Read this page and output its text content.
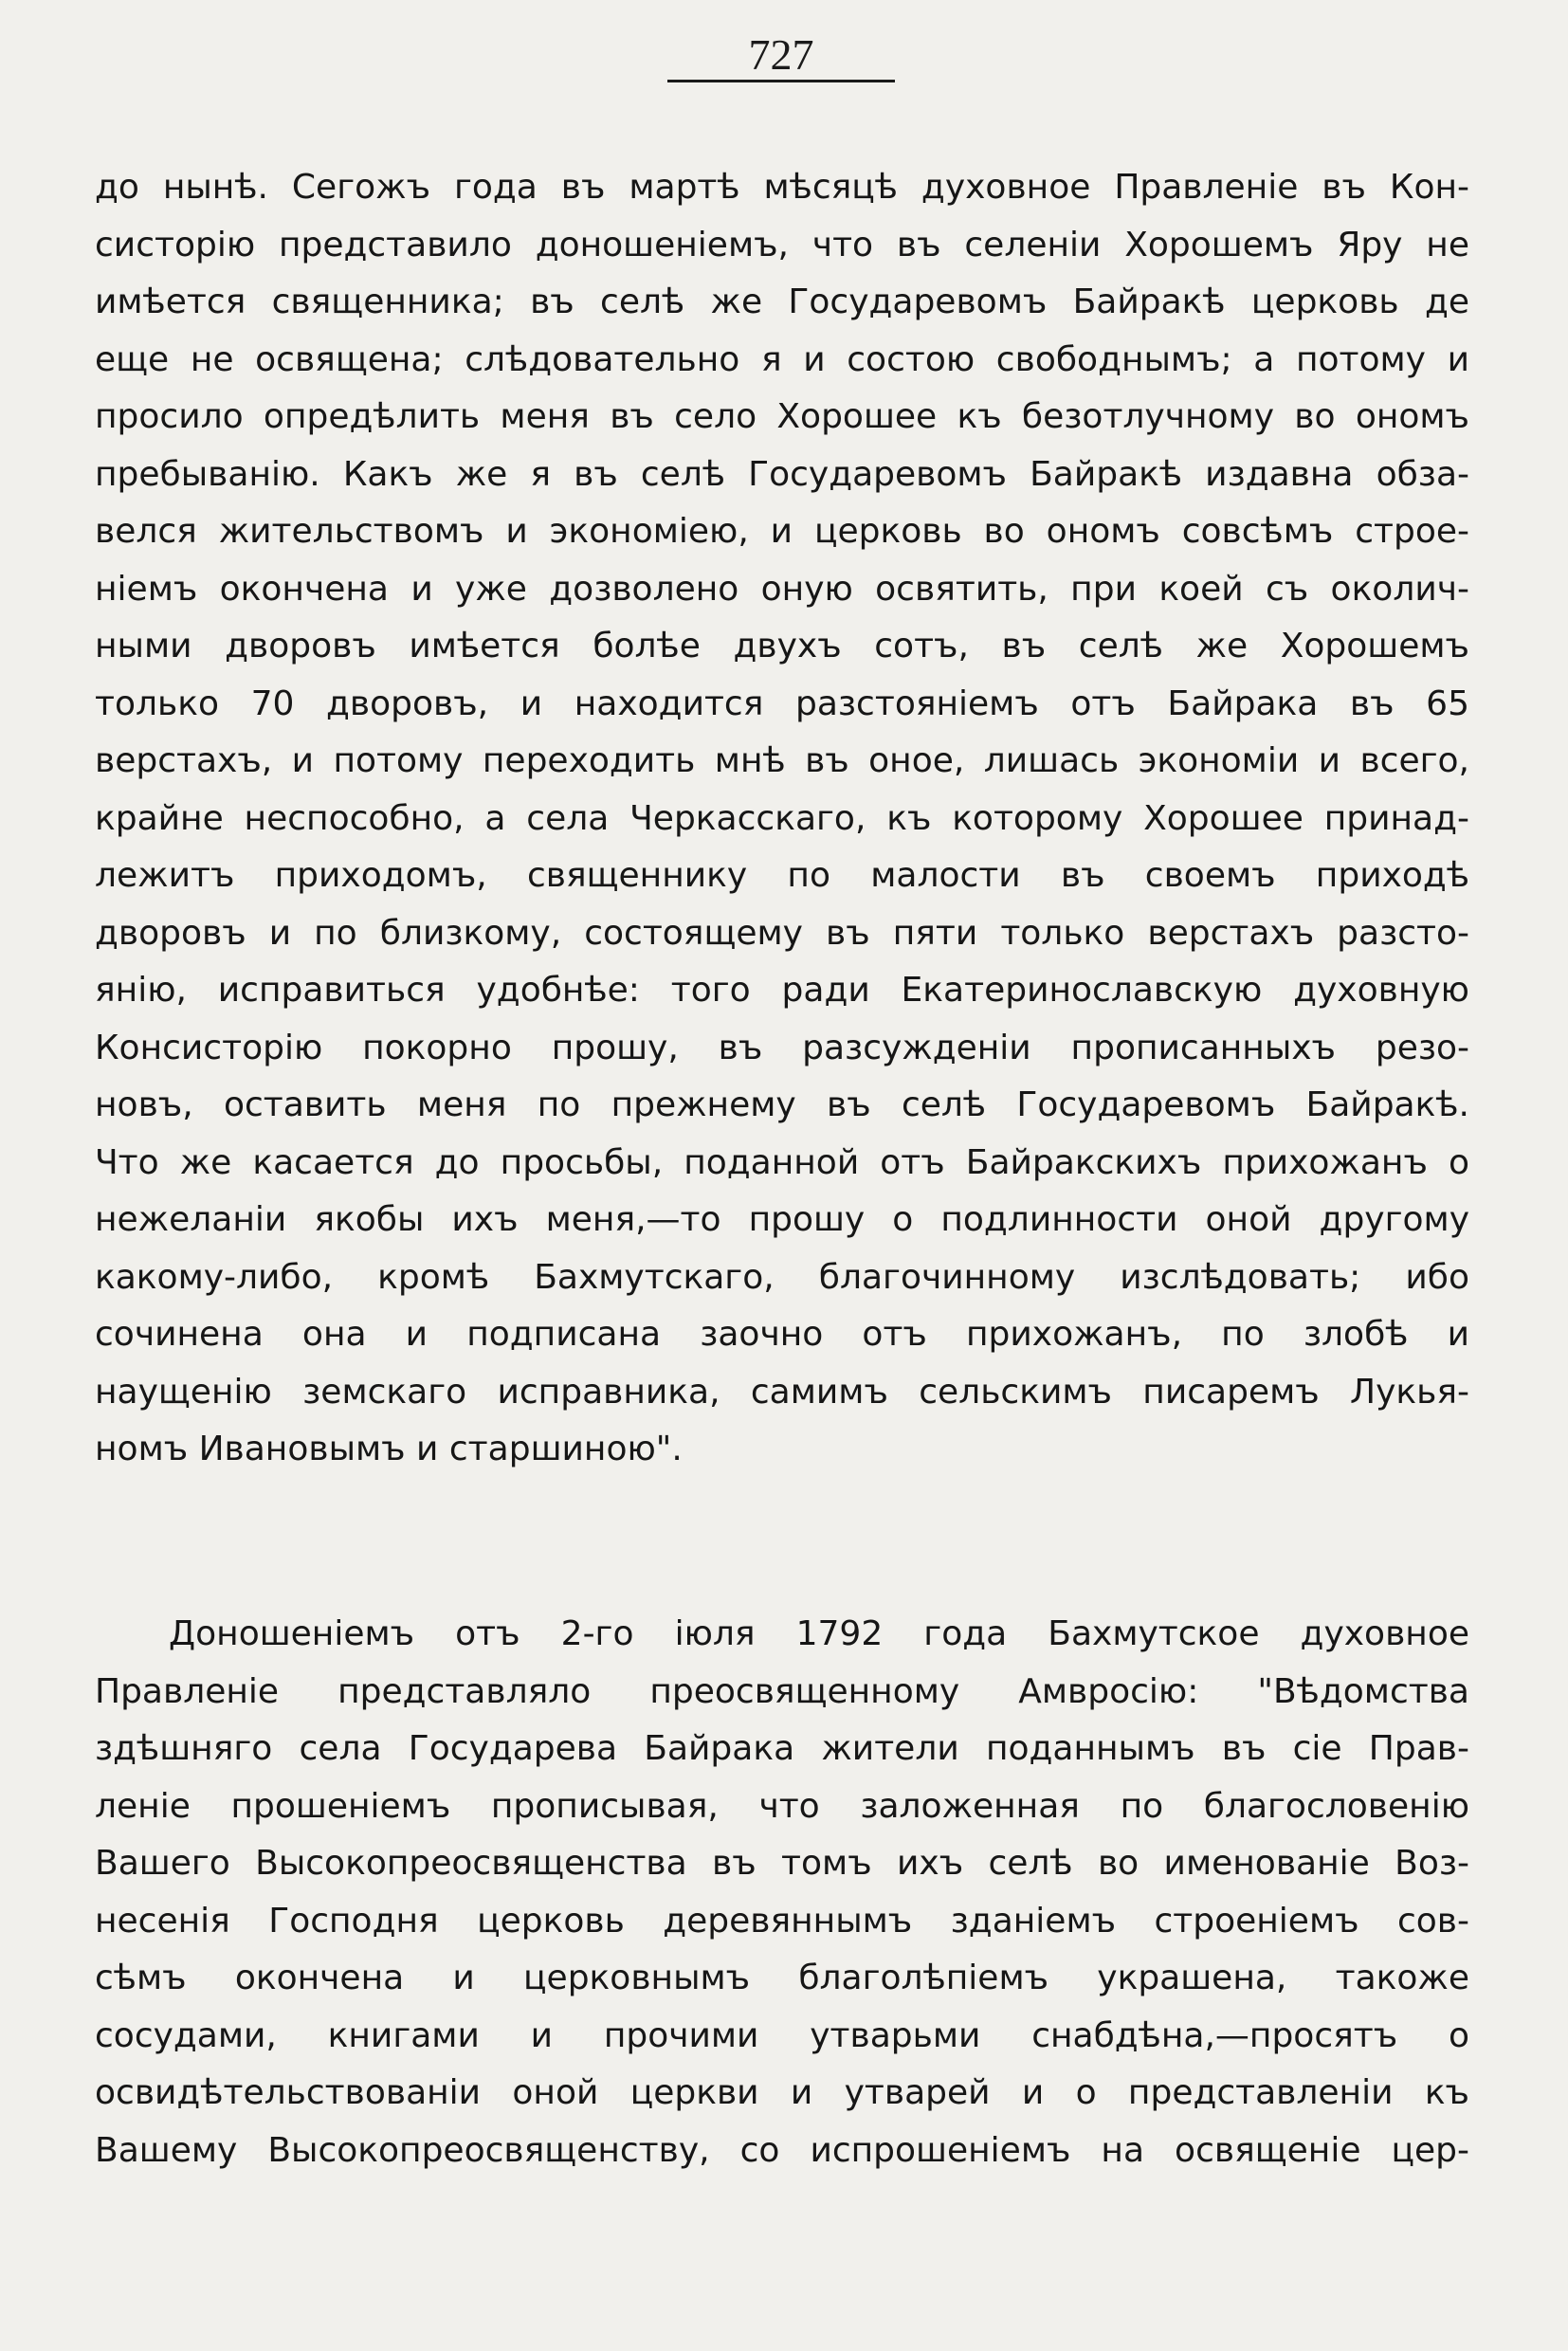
727
до нынѣ. Сегожъ года въ мартѣ мѣсяцѣ духовное Правленіе въ Кон-
систорію представило доношеніемъ, что въ селеніи Хорошемъ Яру не
имѣется священника; въ селѣ же Государевомъ Байракѣ церковь де
еще не освящена; слѣдовательно я и состою свободнымъ; а потому и
просило опредѣлить меня въ село Хорошее къ безотлучному во ономъ
пребыванію. Какъ же я въ селѣ Государевомъ Байракѣ издавна обза-
велся жительствомъ и экономіею, и церковь во ономъ совсѣмъ строе-
ніемъ окончена и уже дозволено оную освятить, при коей съ околич-
ными дворовъ имѣется болѣе двухъ сотъ, въ селѣ же Хорошемъ
только 70 дворовъ, и находится разстояніемъ отъ Байрака въ 65
верстахъ, и потому переходить мнѣ въ оное, лишась экономіи и всего,
крайне неспособно, а села Черкасскаго, къ которому Хорошее принад-
лежитъ приходомъ, священнику по малости въ своемъ приходѣ
дворовъ и по близкому, состоящему въ пяти только верстахъ разсто-
янію, исправиться удобнѣе: того ради Екатеринославскую духовную
Консисторію покорно прошу, въ разсужденіи прописанныхъ резо-
новъ, оставить меня по прежнему въ селѣ Государевомъ Байракѣ.
Что же касается до просьбы, поданной отъ Байракскихъ прихожанъ о
нежеланіи якобы ихъ меня,—то прошу о подлинности оной другому
какому-либо, кромѣ Бахмутскаго, благочинному изслѣдовать; ибо
сочинена она и подписана заочно отъ прихожанъ, по злобѣ и
наущенію земскаго исправника, самимъ сельскимъ писаремъ Лукья-
номъ Ивановымъ и старшиною".
Доношеніемъ отъ 2-го іюля 1792 года Бахмутское духовное
Правленіе представляло преосвященному Амвросію: "Вѣдомства
здѣшняго села Государева Байрака жители поданнымъ въ сіе Прав-
леніе прошеніемъ прописывая, что заложенная по благословенію
Вашего Высокопреосвященства въ томъ ихъ селѣ во именованіе Воз-
несенія Господня церковь деревяннымъ зданіемъ строеніемъ сов-
сѣмъ окончена и церковнымъ благолѣпіемъ украшена, такоже
сосудами, книгами и прочими утварьми снабдѣна,—просятъ о
освидѣтельствованіи оной церкви и утварей и о представленіи къ
Вашему Высокопреосвященству, со испрошеніемъ на освященіе цер-
